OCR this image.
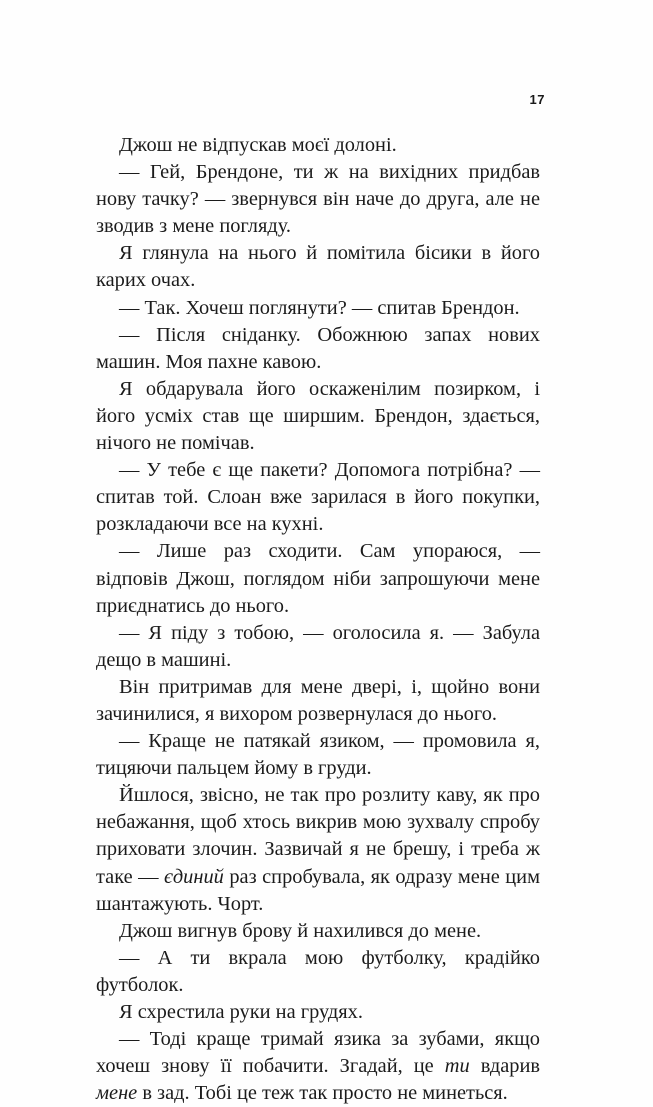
17

Джош не відпускав моєї долоні.

— Гей, Брендоне, ти ж на вихідних придбав нову тачку? — звернувся він наче до друга, але не зводив з мене погляду.

Я глянула на нього й помітила бісики в його карих очах.

— Так. Хочеш поглянути? — спитав Брендон.

— Після сніданку. Обожнюю запах нових машин. Моя пахне кавою.

Я обдарувала його оскаженілим позирком, і його усміх став ще ширшим. Брендон, здається, нічого не помічав.

— У тебе є ще пакети? Допомога потрібна? — спитав той. Слоан вже зарилася в його покупки, розкладаючи все на кухні.

— Лише раз сходити. Сам упораюся, — відповів Джош, поглядом ніби запрошуючи мене приєднатись до нього.

— Я піду з тобою, — оголосила я. — Забула дещо в машині.

Він притримав для мене двері, і, щойно вони зачинилися, я вихором розвернулася до нього.

— Краще не патякай язиком, — промовила я, тицяючи пальцем йому в груди.

Йшлося, звісно, не так про розлиту каву, як про небажання, щоб хтось викрив мою зухвалу спробу приховати злочин. Зазвичай я не брешу, і треба ж таке — єдиний раз спробувала, як одразу мене цим шантажують. Чорт.

Джош вигнув брову й нахилився до мене.

— А ти вкрала мою футболку, крадійко футболок.

Я схрестила руки на грудях.

— Тоді краще тримай язика за зубами, якщо хочеш знову її побачити. Згадай, це ти вдарив мене в зад. Тобі це теж так просто не минеться.
